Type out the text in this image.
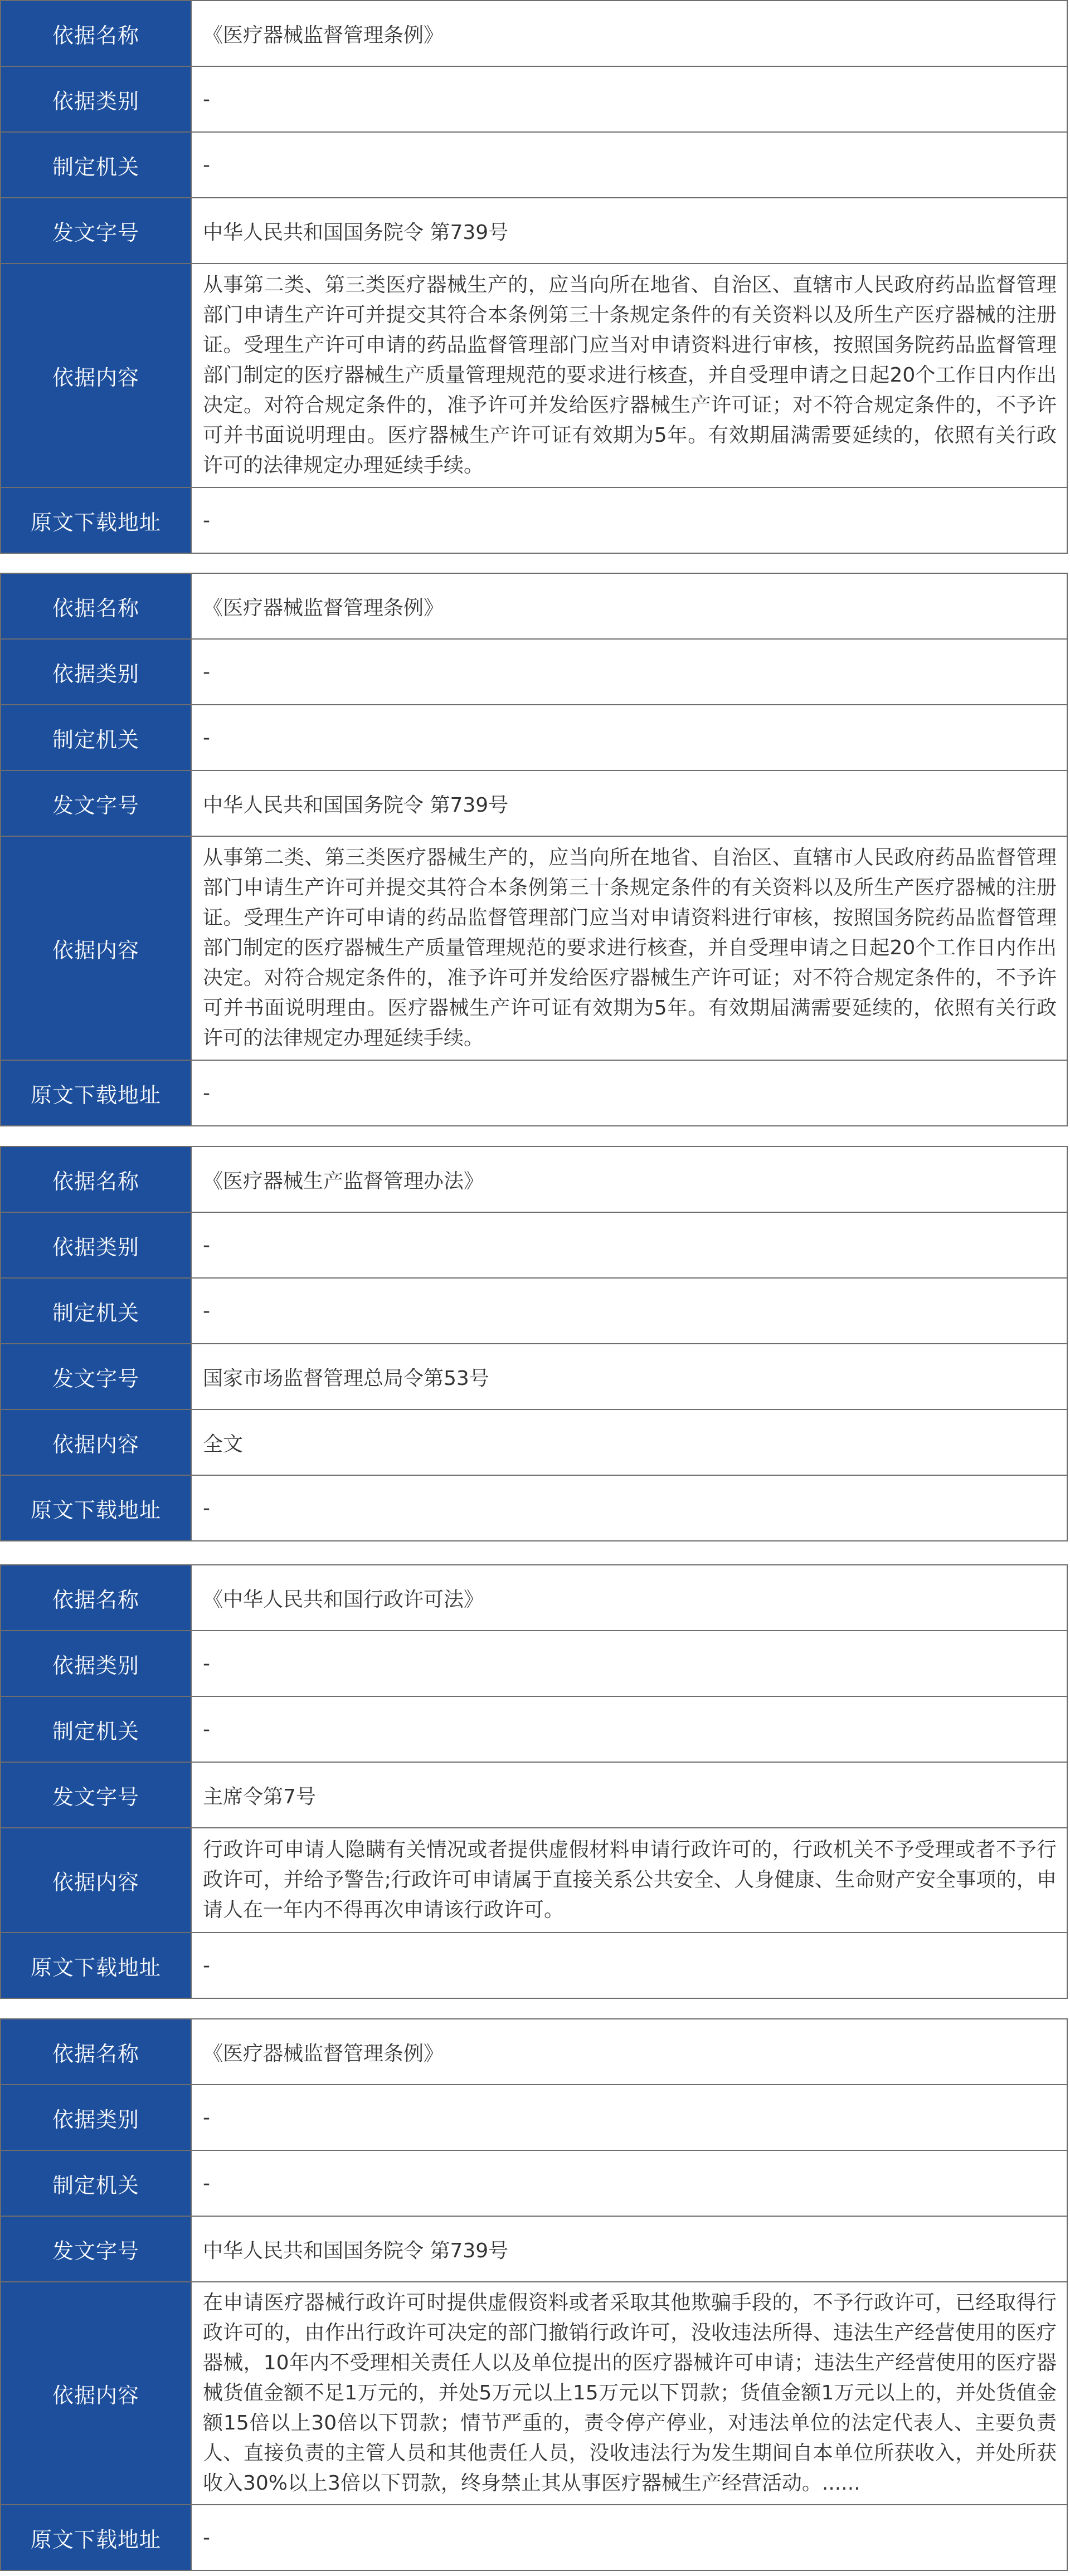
依据名称	《医疗器械监督管理条例》
依据类别	-
制定机关	-
发文字号	中华人民共和国国务院令 第739号
依据内容	从事第二类、第三类医疗器械生产的，应当向所在地省、自治区、直辖市人民政府药品监督管理部门申请生产许可并提交其符合本条例第三十条规定条件的有关资料以及所生产医疗器械的注册证。受理生产许可申请的药品监督管理部门应当对申请资料进行审核，按照国务院药品监督管理部门制定的医疗器械生产质量管理规范的要求进行核查，并自受理申请之日起20个工作日内作出决定。对符合规定条件的，准予许可并发给医疗器械生产许可证；对不符合规定条件的，不予许可并书面说明理由。医疗器械生产许可证有效期为5年。有效期届满需要延续的，依照有关行政许可的法律规定办理延续手续。
原文下载地址	-
依据名称	《医疗器械监督管理条例》
依据类别	-
制定机关	-
发文字号	中华人民共和国国务院令 第739号
依据内容	从事第二类、第三类医疗器械生产的，应当向所在地省、自治区、直辖市人民政府药品监督管理部门申请生产许可并提交其符合本条例第三十条规定条件的有关资料以及所生产医疗器械的注册证。受理生产许可申请的药品监督管理部门应当对申请资料进行审核，按照国务院药品监督管理部门制定的医疗器械生产质量管理规范的要求进行核查，并自受理申请之日起20个工作日内作出决定。对符合规定条件的，准予许可并发给医疗器械生产许可证；对不符合规定条件的，不予许可并书面说明理由。医疗器械生产许可证有效期为5年。有效期届满需要延续的，依照有关行政许可的法律规定办理延续手续。
原文下载地址	-
依据名称	《医疗器械生产监督管理办法》
依据类别	-
制定机关	-
发文字号	国家市场监督管理总局令第53号
依据内容	全文
原文下载地址	-
依据名称	《中华人民共和国行政许可法》
依据类别	-
制定机关	-
发文字号	主席令第7号
依据内容	行政许可申请人隐瞒有关情况或者提供虚假材料申请行政许可的，行政机关不予受理或者不予行政许可，并给予警告;行政许可申请属于直接关系公共安全、人身健康、生命财产安全事项的，申请人在一年内不得再次申请该行政许可。
原文下载地址	-
依据名称	《医疗器械监督管理条例》
依据类别	-
制定机关	-
发文字号	中华人民共和国国务院令 第739号
依据内容	在申请医疗器械行政许可时提供虚假资料或者采取其他欺骗手段的，不予行政许可，已经取得行政许可的，由作出行政许可决定的部门撤销行政许可，没收违法所得、违法生产经营使用的医疗器械，10年内不受理相关责任人以及单位提出的医疗器械许可申请；违法生产经营使用的医疗器械货值金额不足1万元的，并处5万元以上15万元以下罚款；货值金额1万元以上的，并处货值金额15倍以上30倍以下罚款；情节严重的，责令停产停业，对违法单位的法定代表人、主要负责人、直接负责的主管人员和其他责任人员，没收违法行为发生期间自本单位所获收入，并处所获收入30%以上3倍以下罚款，终身禁止其从事医疗器械生产经营活动。......
原文下载地址	-
